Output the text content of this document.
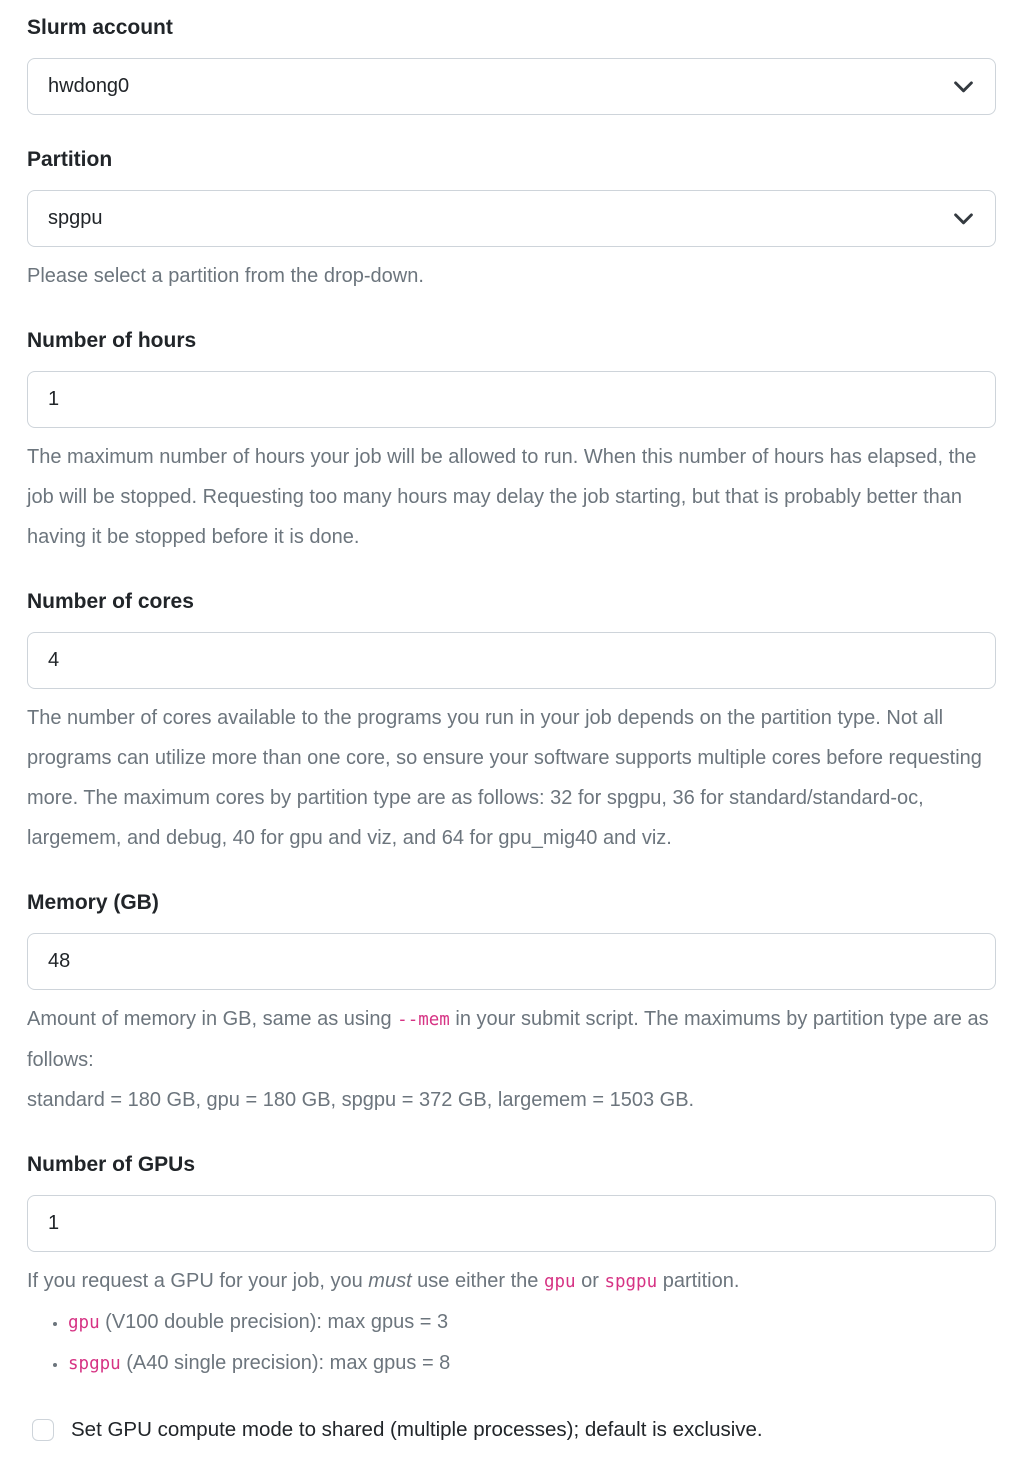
Slurm account
hwdong0
Partition
spgpu

Please select a partition from the drop-down.

Number of hours
1

The maximum number of hours your job will be allowed to run. When this number of hours has elapsed, the job will be stopped. Requesting too many hours may delay the job starting, but that is probably better than having it be stopped before it is done.

Number of cores
4

The number of cores available to the programs you run in your job depends on the partition type. Not all programs can utilize more than one core, so ensure your software supports multiple cores before requesting more. The maximum cores by partition type are as follows: 32 for spgpu, 36 for standard/standard-oc, largemem, and debug, 40 for gpu and viz, and 64 for gpu_mig40 and viz.

Memory (GB)
48

Amount of memory in GB, same as using --mem in your submit script. The maximums by partition type are as follows:
standard = 180 GB, gpu = 180 GB, spgpu = 372 GB, largemem = 1503 GB.

Number of GPUs
1

If you request a GPU for your job, you must use either the gpu or spgpu partition.

• gpu (V100 double precision): max gpus = 3
• spgpu (A40 single precision): max gpus = 8
Set GPU compute mode to shared (multiple processes); default is exclusive.
